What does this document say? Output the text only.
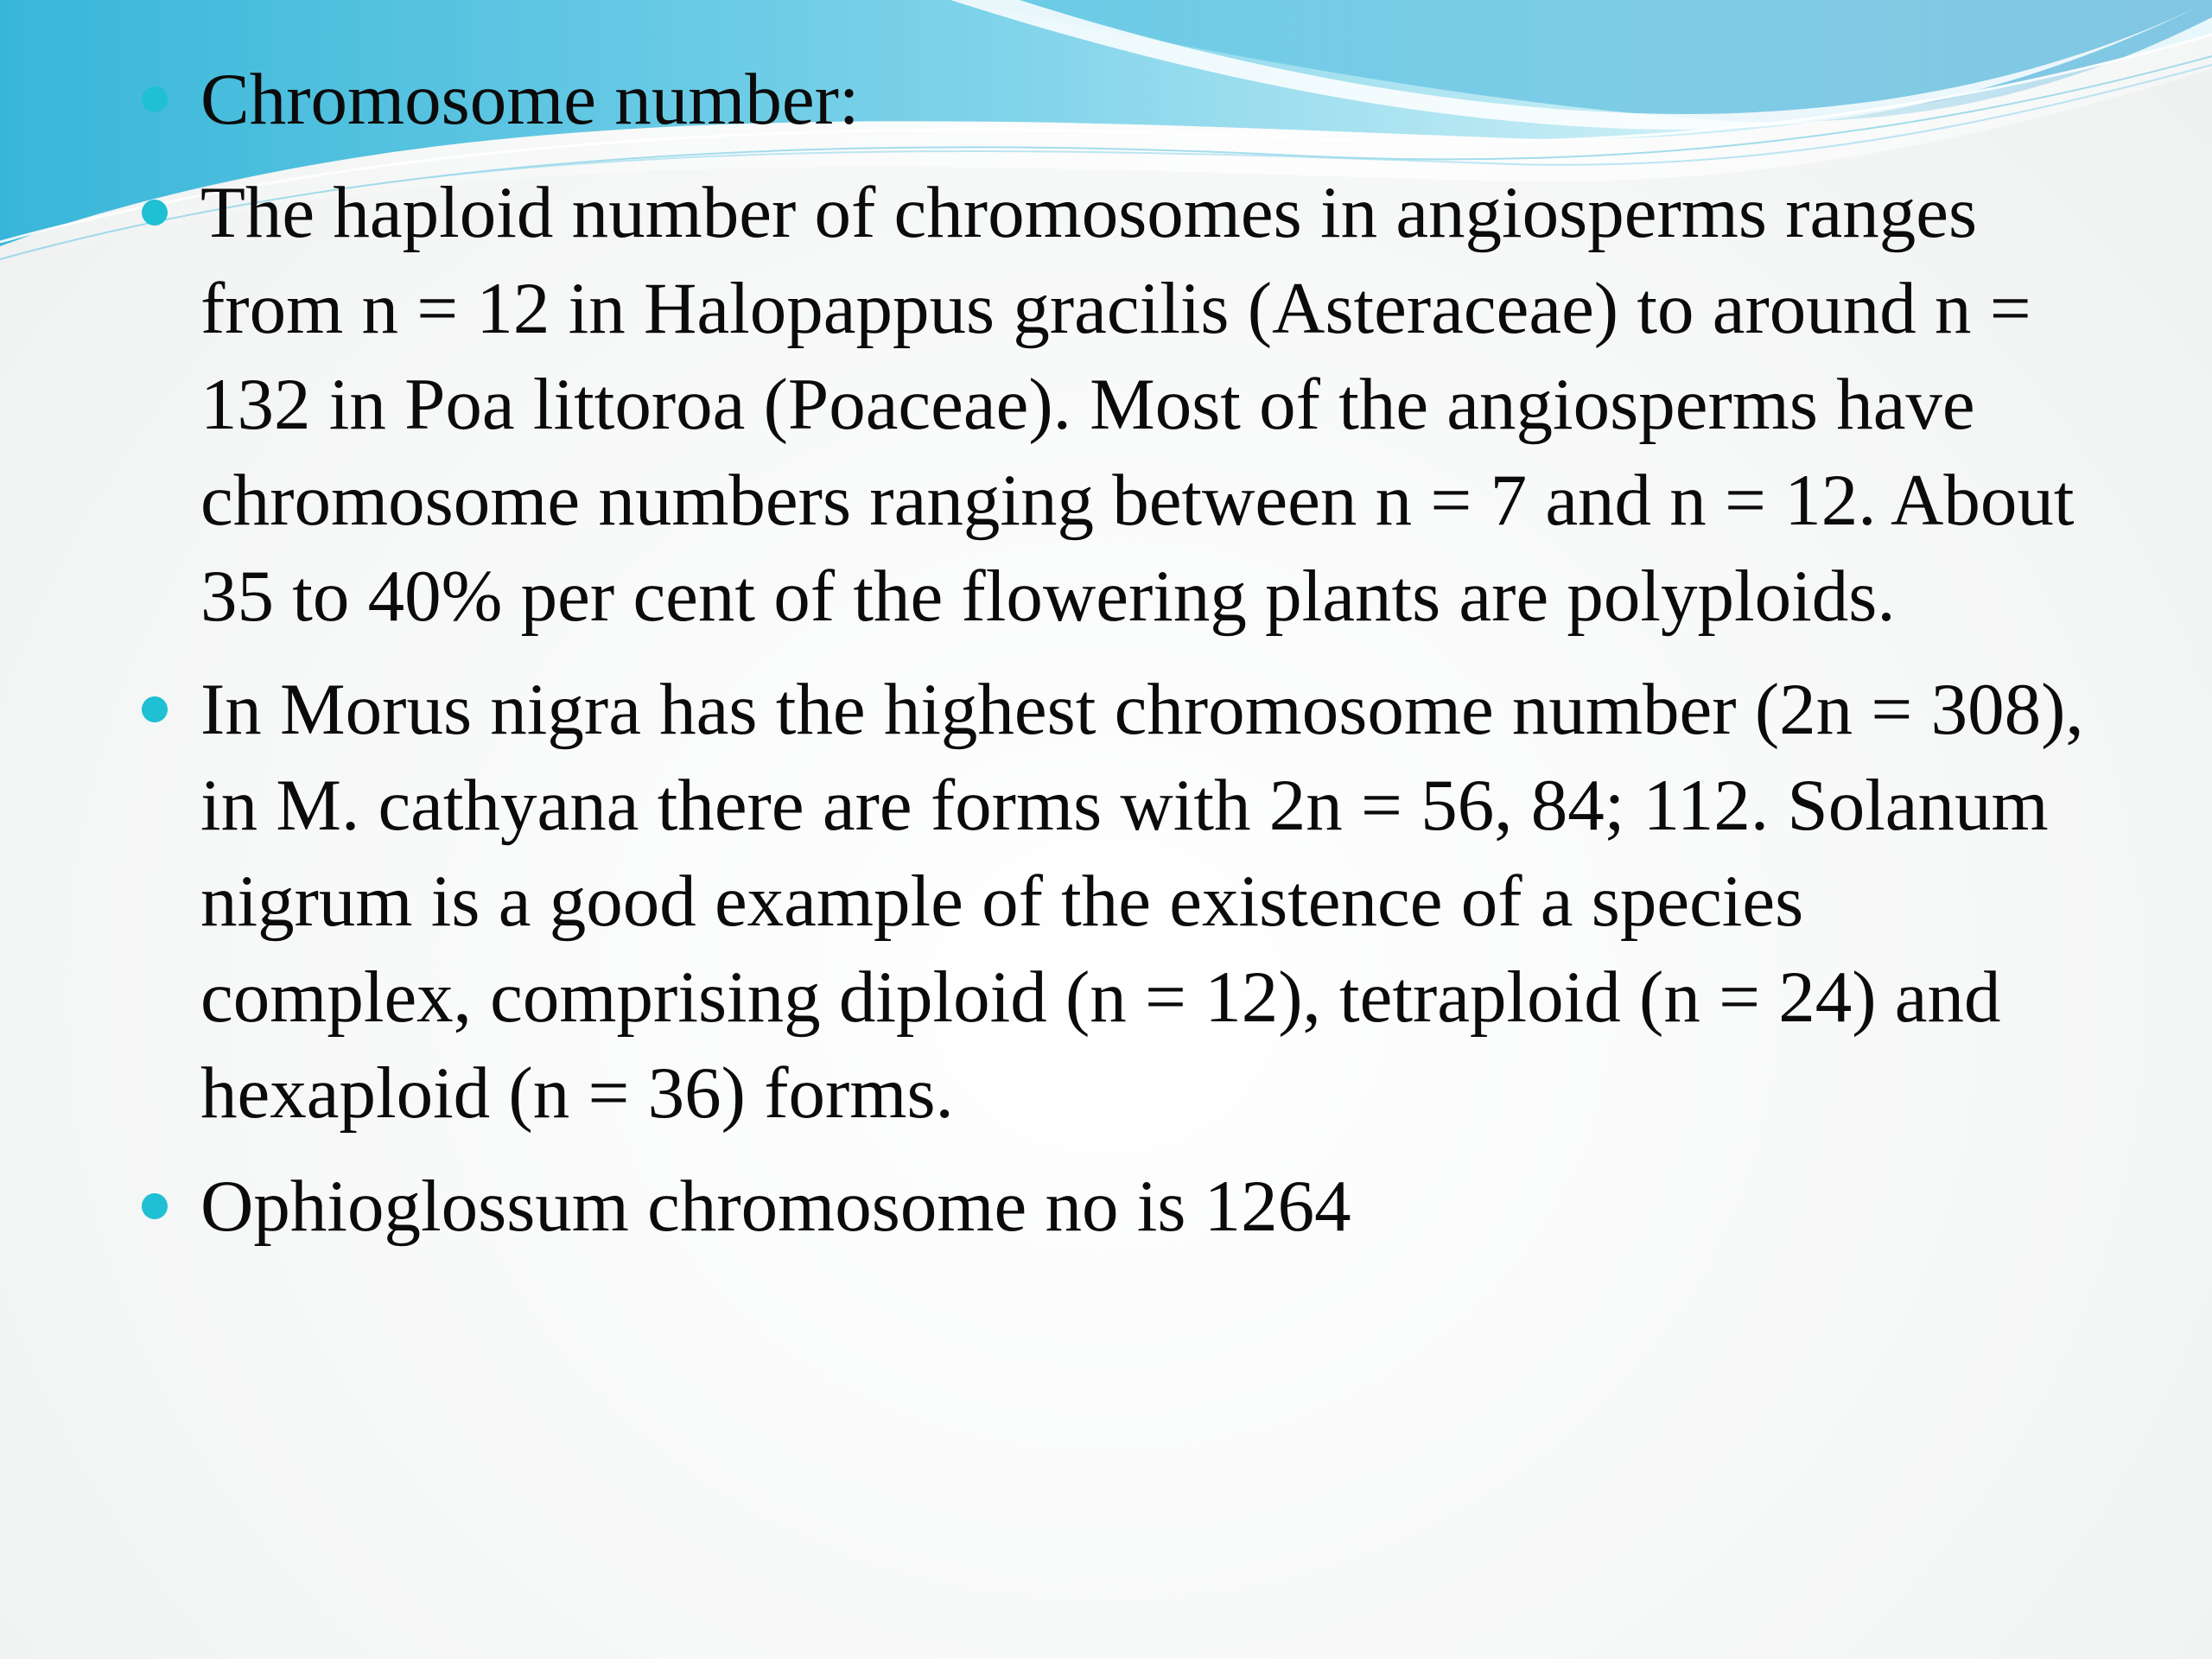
Chromosome number:
The haploid number of chromosomes in angiosperms ranges from n = 12 in Halopappus gracilis (Asteraceae) to around n = 132 in Poa littoroa (Poaceae). Most of the angiosperms have chromosome numbers ranging between n = 7 and n = 12. About 35 to 40% per cent of the flowering plants are polyploids.
In Morus nigra has the highest chromosome number (2n = 308), in M. cathyana there are forms with 2n = 56, 84; 112. Solanum nigrum is a good example of the existence of a species complex, comprising diploid (n = 12), tetraploid (n = 24) and hexaploid (n = 36) forms.
Ophioglossum chromosome no is 1264
